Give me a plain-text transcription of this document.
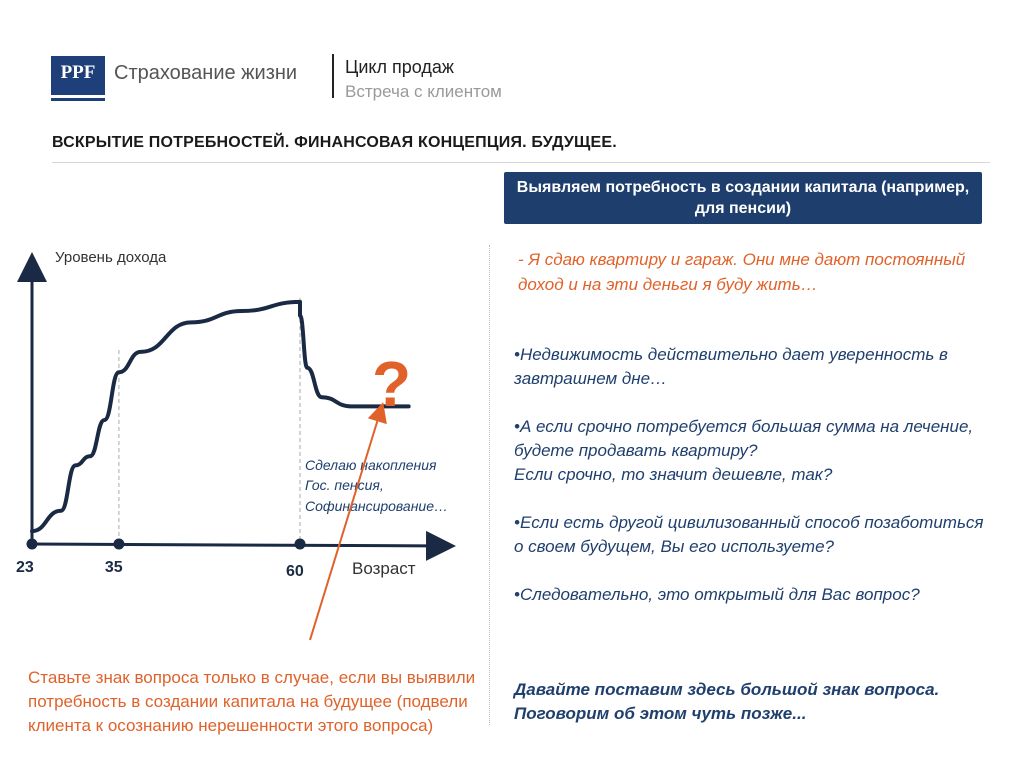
PPF Страхование жизни	Цикл продаж
Встреча с клиентом
ВСКРЫТИЕ ПОТРЕБНОСТЕЙ. ФИНАНСОВАЯ КОНЦЕПЦИЯ. БУДУЩЕЕ.
Выявляем потребность в создании капитала (например, для пенсии)
- Я сдаю квартиру и гараж. Они мне дают постоянный доход и на эти деньги я буду жить…

•Недвижимость действительно дает уверенность в завтрашнем дне…

•А если срочно потребуется большая сумма на лечение, будете продавать квартиру?
Если срочно, то значит дешевле, так?

•Если есть другой цивилизованный способ позаботиться о своем будущем, Вы его используете?

•Следовательно, это открытый для Вас вопрос?

Давайте поставим здесь большой знак вопроса. Поговорим об этом чуть позже...
Ставьте знак вопроса только в случае, если вы выявили потребность в создании капитала на будущее (подвели клиента к осознанию нерешенности этого вопроса)
Уровень дохода
Возраст
23	35	60
Сделаю накопления
Гос. пенсия,
Софинансирование…
?
